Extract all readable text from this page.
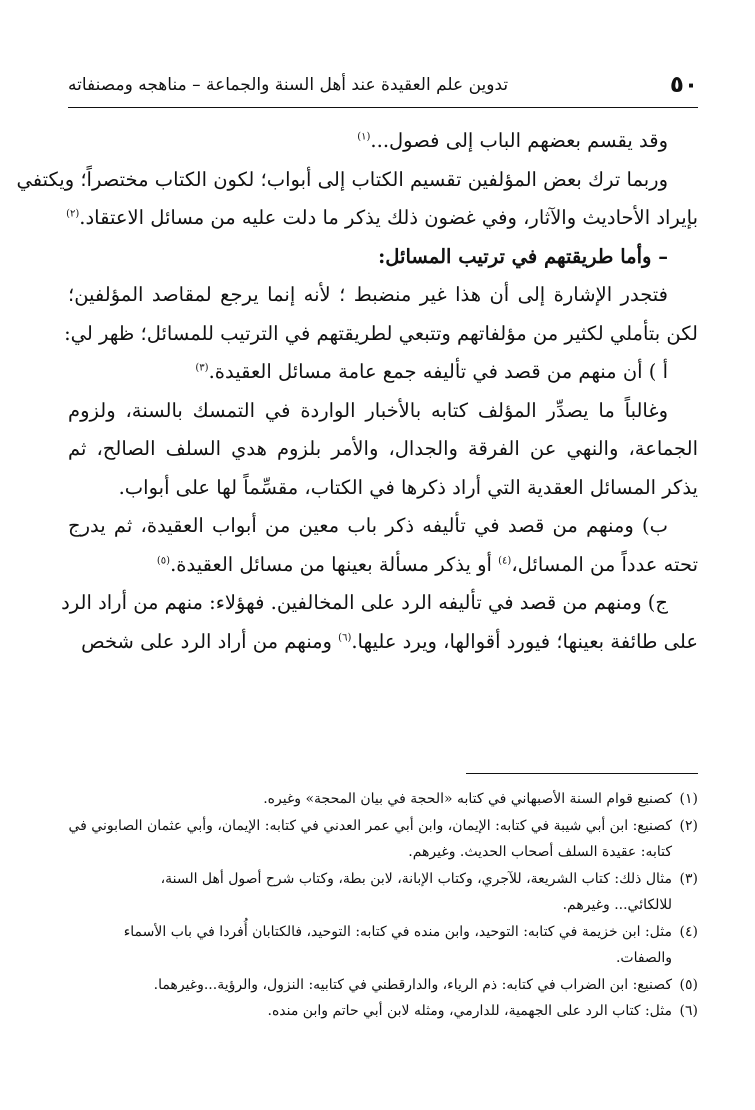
٥٠
تدوين علم العقيدة عند أهل السنة والجماعة – مناهجه ومصنفاته
وقد يقسم بعضهم الباب إلى فصول...$^{(١)}$
وربما ترك بعض المؤلفين تقسيم الكتاب إلى أبواب؛ لكون الكتاب مختصراً؛ ويكتفي
بإيراد الأحاديث والآثار، وفي غضون ذلك يذكر ما دلت عليه من مسائل الاعتقاد.$^{(٢)}$
– وأما طريقتهم في ترتيب المسائل:
فتجدر الإشارة إلى أن هذا غير منضبط ؛ لأنه إنما يرجع لمقاصد المؤلفين؛
لكن بتأملي لكثير من مؤلفاتهم وتتبعي لطريقتهم في الترتيب للمسائل؛ ظهر لي:
أ ) أن منهم من قصد في تأليفه جمع عامة مسائل العقيدة.$^{(٣)}$
وغالباً ما يصدِّر المؤلف كتابه بالأخبار الواردة في التمسك بالسنة، ولزوم
الجماعة، والنهي عن الفرقة والجدال، والأمر بلزوم هدي السلف الصالح، ثم
يذكر المسائل العقدية التي أراد ذكرها في الكتاب، مقسِّماً لها على أبواب.
ب) ومنهم من قصد في تأليفه ذكر باب معين من أبواب العقيدة، ثم يدرج
تحته عدداً من المسائل،$^{(٤)}$ أو يذكر مسألة بعينها من مسائل العقيدة.$^{(٥)}$
ج) ومنهم من قصد في تأليفه الرد على المخالفين. فهؤلاء: منهم من أراد الرد
على طائفة بعينها؛ فيورد أقوالها، ويرد عليها.$^{(٦)}$ ومنهم من أراد الرد على شخص
(١)كصنيع قوام السنة الأصبهاني في كتابه «الحجة في بيان المحجة» وغيره.
(٢)كصنيع: ابن أبي شيبة في كتابه: الإيمان، وابن أبي عمر العدني في كتابه: الإيمان، وأبي عثمان الصابوني في
كتابه: عقيدة السلف أصحاب الحديث. وغيرهم.
(٣)مثال ذلك: كتاب الشريعة، للآجري، وكتاب الإبانة، لابن بطة، وكتاب شرح أصول أهل السنة،
للالكائي... وغيرهم.
(٤)مثل: ابن خزيمة في كتابه: التوحيد، وابن منده في كتابه: التوحيد، فالكتابان أُفردا في باب الأسماء
والصفات.
(٥)كصنيع: ابن الضراب في كتابه: ذم الرياء، والدارقطني في كتابيه: النزول، والرؤية...وغيرهما.
(٦)مثل: كتاب الرد على الجهمية، للدارمي، ومثله لابن أبي حاتم وابن منده.
